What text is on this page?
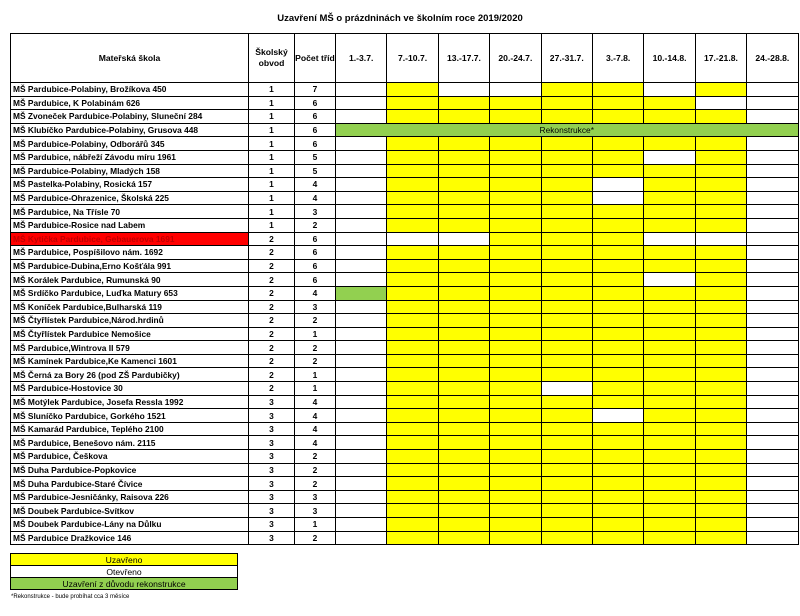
Uzavření MŠ o prázdninách ve školním roce 2019/2020
Mateřská škola	Školský obvod	Počet tříd	1.-3.7.	7.-10.7.	13.-17.7.	20.-24.7.	27.-31.7.	3.-7.8.	10.-14.8.	17.-21.8.	24.-28.8.
MŠ Pardubice-Polabiny, Brožíkova 450	1	7									
MŠ Pardubice, K Polabinám 626	1	6									
MŠ Zvoneček Pardubice-Polabiny, Sluneční 284	1	6									
MŠ Klubíčko Pardubice-Polabiny, Grusova 448	1	6	Rekonstrukce*								
MŠ Pardubice-Polabiny, Odborářů 345	1	6									
MŠ Pardubice, nábřeží Závodu míru 1961	1	5									
MŠ Pardubice-Polabiny, Mladých 158	1	5									
MŠ Pastelka-Polabiny, Rosická 157	1	4									
MŠ Pardubice-Ohrazenice, Školská 225	1	4									
MŠ Pardubice, Na Třísle 70	1	3									
MŠ Pardubice-Rosice nad Labem	1	2									
MŠ Kytička Pardubice, Gebauerova 1691	2	6									
MŠ Pardubice, Pospíšilovo nám. 1692	2	6									
MŠ Pardubice-Dubina,Erno Košťála 991	2	6									
MŠ Korálek Pardubice, Rumunská 90	2	6									
MŠ Srdíčko Pardubice, Luďka Matury 653	2	4									
MŠ Koníček Pardubice,Bulharská 119	2	3									
MŠ Čtyřlístek Pardubice,Národ.hrdinů	2	2									
MŠ Čtyřlístek Pardubice Nemošice	2	1									
MŠ Pardubice,Wintrova II 579	2	2									
MŠ Kamínek Pardubice,Ke Kamenci 1601	2	2									
MŠ Černá za Bory 26 (pod ZŠ Pardubičky)	2	1									
MŠ Pardubice-Hostovice 30	2	1									
MŠ Motýlek Pardubice, Josefa Ressla 1992	3	4									
MŠ Sluníčko Pardubice, Gorkého 1521	3	4									
MŠ Kamarád Pardubice, Teplého 2100	3	4									
MŠ Pardubice, Benešovo nám. 2115	3	4									
MŠ Pardubice, Češkova	3	2									
MŠ Duha Pardubice-Popkovice	3	2									
MŠ Duha Pardubice-Staré Čívice	3	2									
MŠ Pardubice-Jesničánky, Raisova 226	3	3									
MŠ Doubek Pardubice-Svítkov	3	3									
MŠ Doubek Pardubice-Lány na Důlku	3	1									
MŠ Pardubice Dražkovice 146	3	2									
Uzavřeno
Otevřeno
Uzavření z důvodu rekonstrukce
*Rekonstrukce - bude probíhat cca 3 měsíce
